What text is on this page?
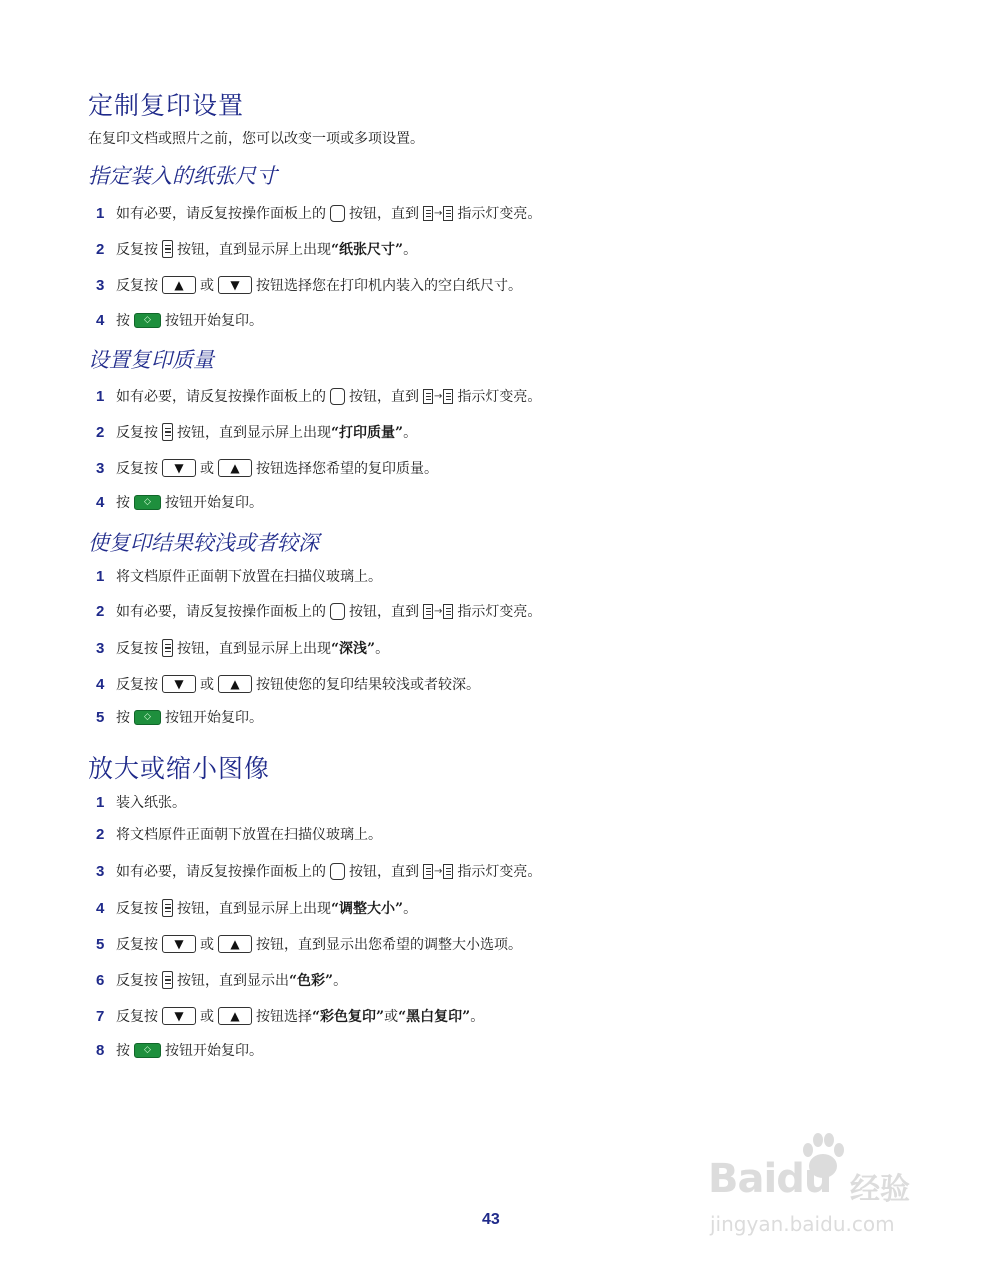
定制复印设置
在复印文档或照片之前，您可以改变一项或多项设置。
指定装入的纸张尺寸
1 如有必要，请反复按操作面板上的 按钮，直到 → 指示灯变亮。
2 反复按 按钮，直到显示屏上出现 “纸张尺寸” 。
3 反复按	▲	或	▼	按钮选择您在打印机内装入的空白纸尺寸。
4 按	◇	按钮开始复印。
设置复印质量
1 如有必要，请反复按操作面板上的 按钮，直到 → 指示灯变亮。
2 反复按 按钮，直到显示屏上出现 “打印质量” 。
3 反复按	▼	或	▲	按钮选择您希望的复印质量。
4 按	◇	按钮开始复印。
使复印结果较浅或者较深
1 将文档原件正面朝下放置在扫描仪玻璃上。
2 如有必要，请反复按操作面板上的 按钮，直到 → 指示灯变亮。
3 反复按 按钮，直到显示屏上出现 “深浅” 。
4 反复按	▼	或	▲	按钮使您的复印结果较浅或者较深。
5 按	◇	按钮开始复印。
放大或缩小图像
1 装入纸张。
2 将文档原件正面朝下放置在扫描仪玻璃上。
3 如有必要，请反复按操作面板上的 按钮，直到 → 指示灯变亮。
4 反复按 按钮，直到显示屏上出现 “调整大小” 。
5 反复按	▼	或	▲	按钮，直到显示出您希望的调整大小选项。
6 反复按 按钮，直到显示出 “色彩” 。
7 反复按	▼	或	▲	按钮选择 “彩色复印” 或 “黑白复印” 。
8 按	◇	按钮开始复印。
Baidu 经验
jingyan.baidu.com
43
